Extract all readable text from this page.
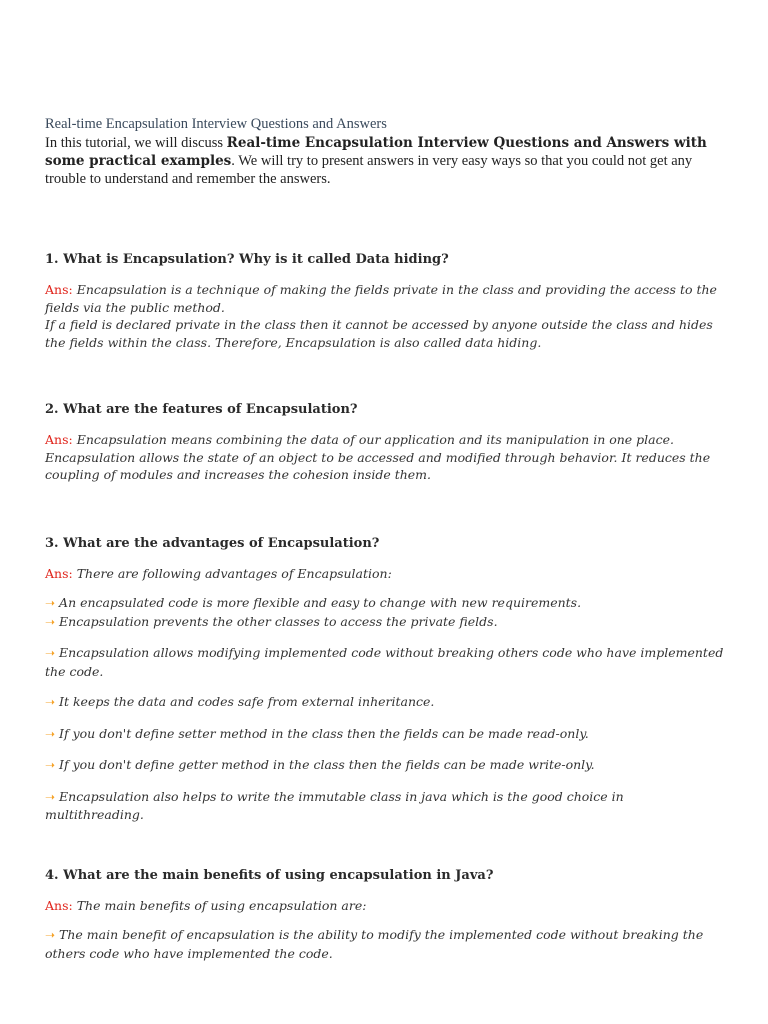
Real-time Encapsulation Interview Questions and Answers

In this tutorial, we will discuss Real-time Encapsulation Interview Questions and Answers with some practical examples. We will try to present answers in very easy ways so that you could not get any trouble to understand and remember the answers.

1. What is Encapsulation? Why is it called Data hiding?

Ans: Encapsulation is a technique of making the fields private in the class and providing the access to the fields via the public method.

If a field is declared private in the class then it cannot be accessed by anyone outside the class and hides the fields within the class. Therefore, Encapsulation is also called data hiding.

2. What are the features of Encapsulation?

Ans: Encapsulation means combining the data of our application and its manipulation in one place.

Encapsulation allows the state of an object to be accessed and modified through behavior. It reduces the coupling of modules and increases the cohesion inside them.

3. What are the advantages of Encapsulation?

Ans: There are following advantages of Encapsulation:

➝ An encapsulated code is more flexible and easy to change with new requirements.

➝ Encapsulation prevents the other classes to access the private fields.

➝ Encapsulation allows modifying implemented code without breaking others code who have implemented the code.

➝ It keeps the data and codes safe from external inheritance.

➝ If you don't define setter method in the class then the fields can be made read-only.

➝ If you don't define getter method in the class then the fields can be made write-only.

➝ Encapsulation also helps to write the immutable class in java which is the good choice in multithreading.

4. What are the main benefits of using encapsulation in Java?

Ans: The main benefits of using encapsulation are:

➝ The main benefit of encapsulation is the ability to modify the implemented code without breaking the others code who have implemented the code.
